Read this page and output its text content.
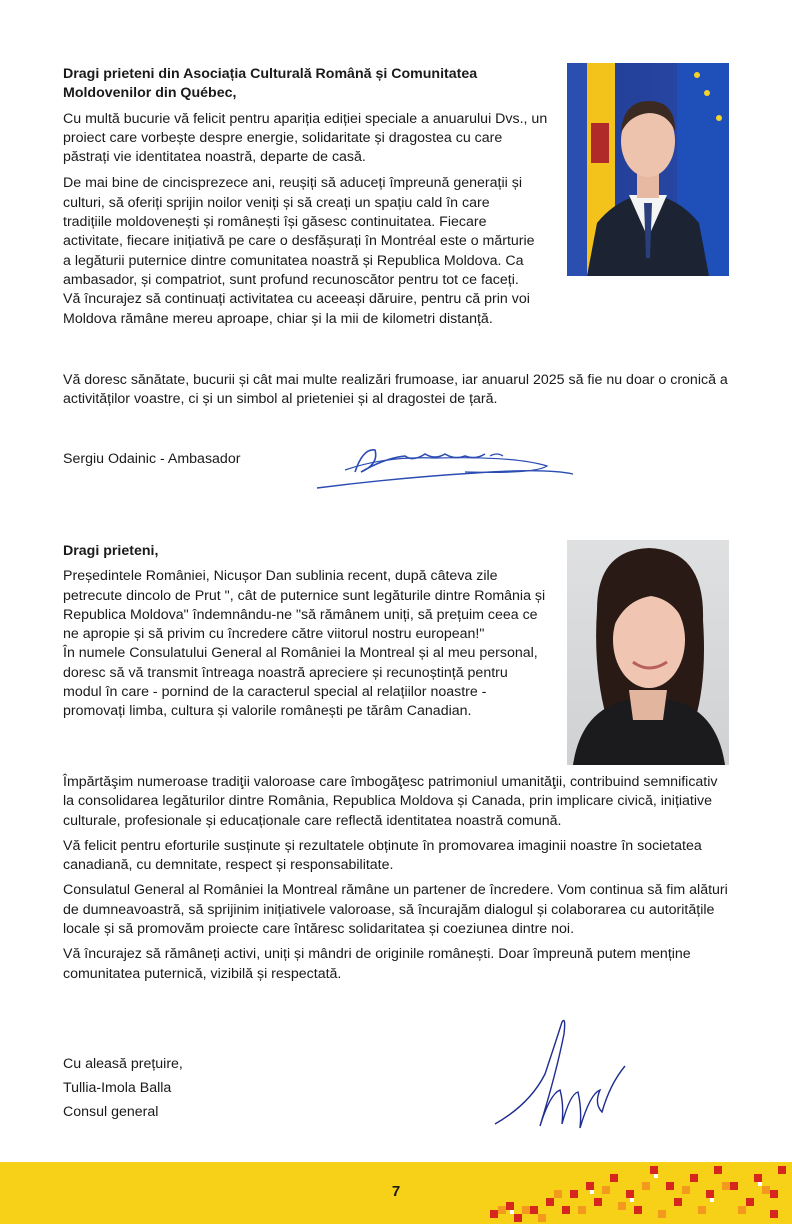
Dragi prieteni din Asociația Culturală Română și Comunitatea Moldovenilor din Québec,

Cu multă bucurie vă felicit pentru apariția ediției speciale a anuarului Dvs., un proiect care vorbește despre energie, solidaritate și dragostea cu care păstrați vie identitatea noastră, departe de casă.

De mai bine de cincisprezece ani, reușiți să aduceți împreună generații și culturi, să oferiți sprijin noilor veniți și să creați un spațiu cald în care tradițiile moldovenești și românești își găsesc continuitatea. Fiecare activitate, fiecare inițiativă pe care o desfășurați în Montréal este o mărturie a legăturii puternice dintre comunitatea noastră și Republica Moldova. Ca ambasador, și compatriot, sunt profund recunoscător pentru tot ce faceți. Vă încurajez să continuați activitatea cu aceeași dăruire, pentru că prin voi Moldova rămâne mereu aproape, chiar și la mii de kilometri distanță.

Vă doresc sănătate, bucurii și cât mai multe realizări frumoase, iar anuarul 2025 să fie nu doar o cronică a activităților voastre, ci și un simbol al prieteniei și al dragostei de țară.

Sergiu Odainic - Ambasador
Dragi prieteni,

Președintele României, Nicușor Dan sublinia recent, după câteva zile petrecute dincolo de Prut ", cât de puternice sunt legăturile dintre România și Republica Moldova" îndemnându-ne "să rămânem uniți, să prețuim ceea ce ne apropie și să privim cu încredere către viitorul nostru european!"

În numele Consulatului General al României la Montreal și al meu personal, doresc să vă transmit întreaga noastră apreciere și recunoștință pentru modul în care - pornind de la caracterul special al relațiilor noastre - promovați limba, cultura și valorile românești pe tărâm Canadian.

Împărtăşim numeroase tradiţii valoroase care îmbogăţesc patrimoniul umanităţii, contribuind semnificativ la consolidarea legăturilor dintre România, Republica Moldova și Canada, prin implicare civică, inițiative culturale, profesionale și educaționale care reflectă identitatea noastră comună.

Vă felicit pentru eforturile susținute și rezultatele obținute în promovarea imaginii noastre în societatea canadiană, cu demnitate, respect și responsabilitate.

Consulatul General al României la Montreal rămâne un partener de încredere. Vom continua să fim alături de dumneavoastră, să sprijinim inițiativele valoroase, să încurajăm dialogul și colaborarea cu autoritățile locale și să promovăm proiecte care întăresc solidaritatea și coeziunea dintre noi.

Vă încurajez să rămâneți activi, uniți și mândri de originile românești. Doar împreună putem menține comunitatea puternică, vizibilă și respectată.

Cu aleasă prețuire,
Tullia-Imola Balla
Consul general
7
